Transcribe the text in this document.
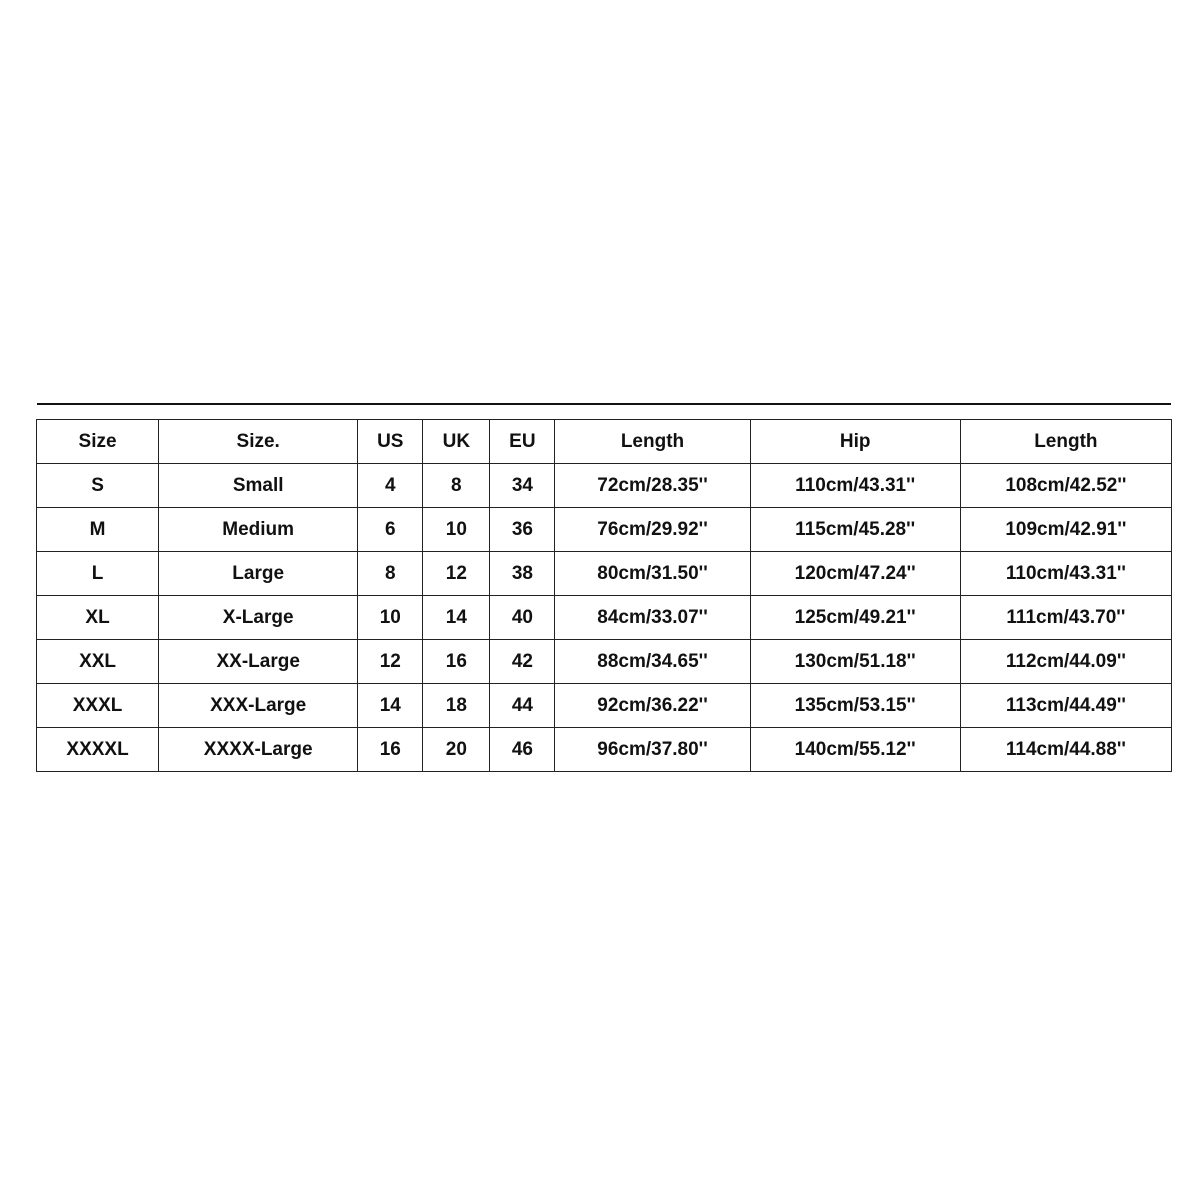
Size	Size.	US	UK	EU	Length	Hip	Length
S	Small	4	8	34	72cm/28.35''	110cm/43.31''	108cm/42.52''
M	Medium	6	10	36	76cm/29.92''	115cm/45.28''	109cm/42.91''
L	Large	8	12	38	80cm/31.50''	120cm/47.24''	110cm/43.31''
XL	X-Large	10	14	40	84cm/33.07''	125cm/49.21''	111cm/43.70''
XXL	XX-Large	12	16	42	88cm/34.65''	130cm/51.18''	112cm/44.09''
XXXL	XXX-Large	14	18	44	92cm/36.22''	135cm/53.15''	113cm/44.49''
XXXXL	XXXX-Large	16	20	46	96cm/37.80''	140cm/55.12''	114cm/44.88''
